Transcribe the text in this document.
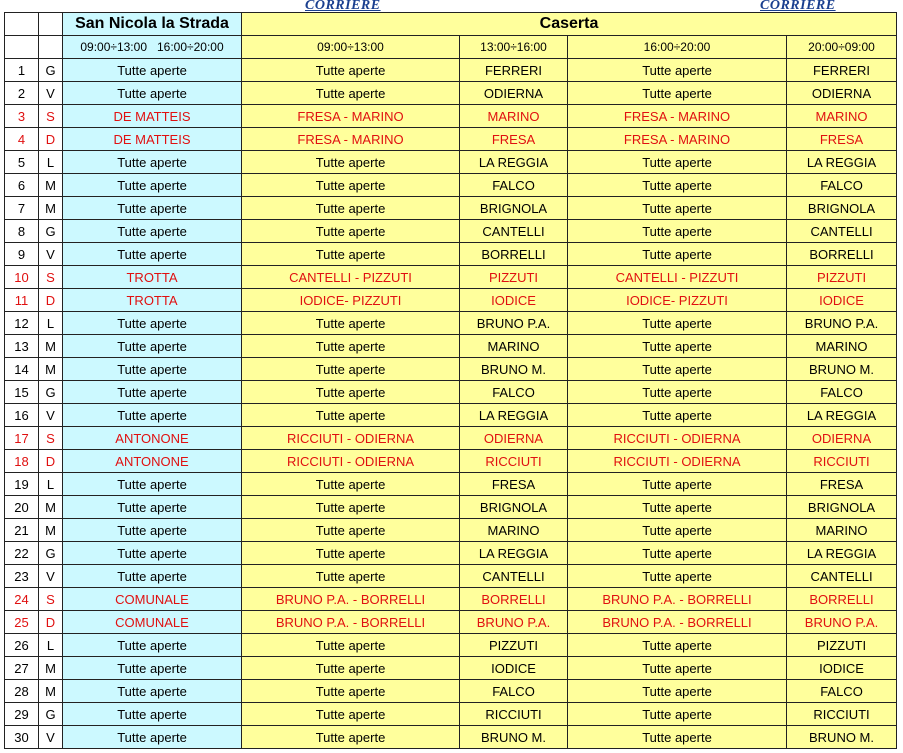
CORRIERE	CORRIERE
		San Nicola la Strada	Caserta			
		09:00÷13:00   16:00÷20:00	09:00÷13:00	13:00÷16:00	16:00÷20:00	20:00÷09:00
1	G	Tutte aperte	Tutte aperte	FERRERI	Tutte aperte	FERRERI
2	V	Tutte aperte	Tutte aperte	ODIERNA	Tutte aperte	ODIERNA
3	S	DE MATTEIS	FRESA - MARINO	MARINO	FRESA - MARINO	MARINO
4	D	DE MATTEIS	FRESA - MARINO	FRESA	FRESA - MARINO	FRESA
5	L	Tutte aperte	Tutte aperte	LA REGGIA	Tutte aperte	LA REGGIA
6	M	Tutte aperte	Tutte aperte	FALCO	Tutte aperte	FALCO
7	M	Tutte aperte	Tutte aperte	BRIGNOLA	Tutte aperte	BRIGNOLA
8	G	Tutte aperte	Tutte aperte	CANTELLI	Tutte aperte	CANTELLI
9	V	Tutte aperte	Tutte aperte	BORRELLI	Tutte aperte	BORRELLI
10	S	TROTTA	CANTELLI - PIZZUTI	PIZZUTI	CANTELLI - PIZZUTI	PIZZUTI
11	D	TROTTA	IODICE- PIZZUTI	IODICE	IODICE- PIZZUTI	IODICE
12	L	Tutte aperte	Tutte aperte	BRUNO P.A.	Tutte aperte	BRUNO P.A.
13	M	Tutte aperte	Tutte aperte	MARINO	Tutte aperte	MARINO
14	M	Tutte aperte	Tutte aperte	BRUNO M.	Tutte aperte	BRUNO M.
15	G	Tutte aperte	Tutte aperte	FALCO	Tutte aperte	FALCO
16	V	Tutte aperte	Tutte aperte	LA REGGIA	Tutte aperte	LA REGGIA
17	S	ANTONONE	RICCIUTI - ODIERNA	ODIERNA	RICCIUTI - ODIERNA	ODIERNA
18	D	ANTONONE	RICCIUTI - ODIERNA	RICCIUTI	RICCIUTI - ODIERNA	RICCIUTI
19	L	Tutte aperte	Tutte aperte	FRESA	Tutte aperte	FRESA
20	M	Tutte aperte	Tutte aperte	BRIGNOLA	Tutte aperte	BRIGNOLA
21	M	Tutte aperte	Tutte aperte	MARINO	Tutte aperte	MARINO
22	G	Tutte aperte	Tutte aperte	LA REGGIA	Tutte aperte	LA REGGIA
23	V	Tutte aperte	Tutte aperte	CANTELLI	Tutte aperte	CANTELLI
24	S	COMUNALE	BRUNO P.A. - BORRELLI	BORRELLI	BRUNO P.A. - BORRELLI	BORRELLI
25	D	COMUNALE	BRUNO P.A. - BORRELLI	BRUNO P.A.	BRUNO P.A. - BORRELLI	BRUNO P.A.
26	L	Tutte aperte	Tutte aperte	PIZZUTI	Tutte aperte	PIZZUTI
27	M	Tutte aperte	Tutte aperte	IODICE	Tutte aperte	IODICE
28	M	Tutte aperte	Tutte aperte	FALCO	Tutte aperte	FALCO
29	G	Tutte aperte	Tutte aperte	RICCIUTI	Tutte aperte	RICCIUTI
30	V	Tutte aperte	Tutte aperte	BRUNO M.	Tutte aperte	BRUNO M.
